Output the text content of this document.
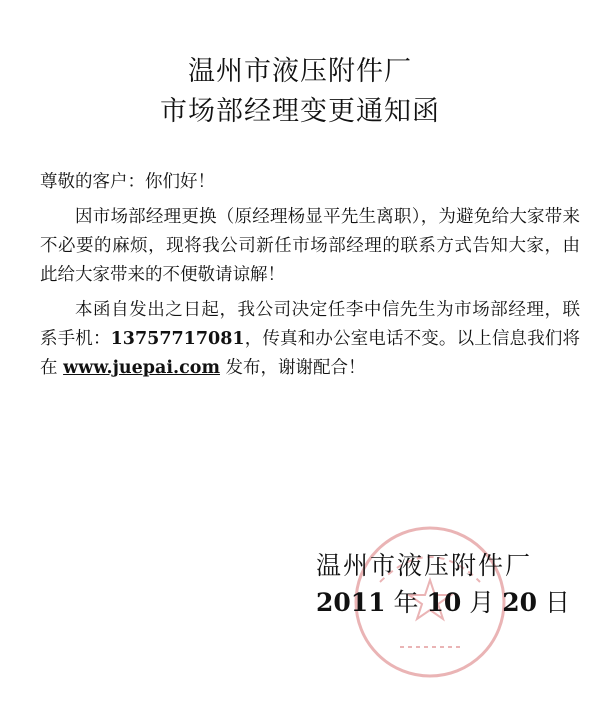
温州市液压附件厂
市场部经理变更通知函

尊敬的客户：你们好！

因市场部经理更换（原经理杨显平先生离职），为避免给大家带来不必要的麻烦，现将我公司新任市场部经理的联系方式告知大家，由此给大家带来的不便敬请谅解！

本函自发出之日起，我公司决定任李中信先生为市场部经理，联系手机：13757717081，传真和办公室电话不变。以上信息我们将在 www.juepai.com 发布，谢谢配合！

温州市液压附件厂
2011 年 10 月 20 日
